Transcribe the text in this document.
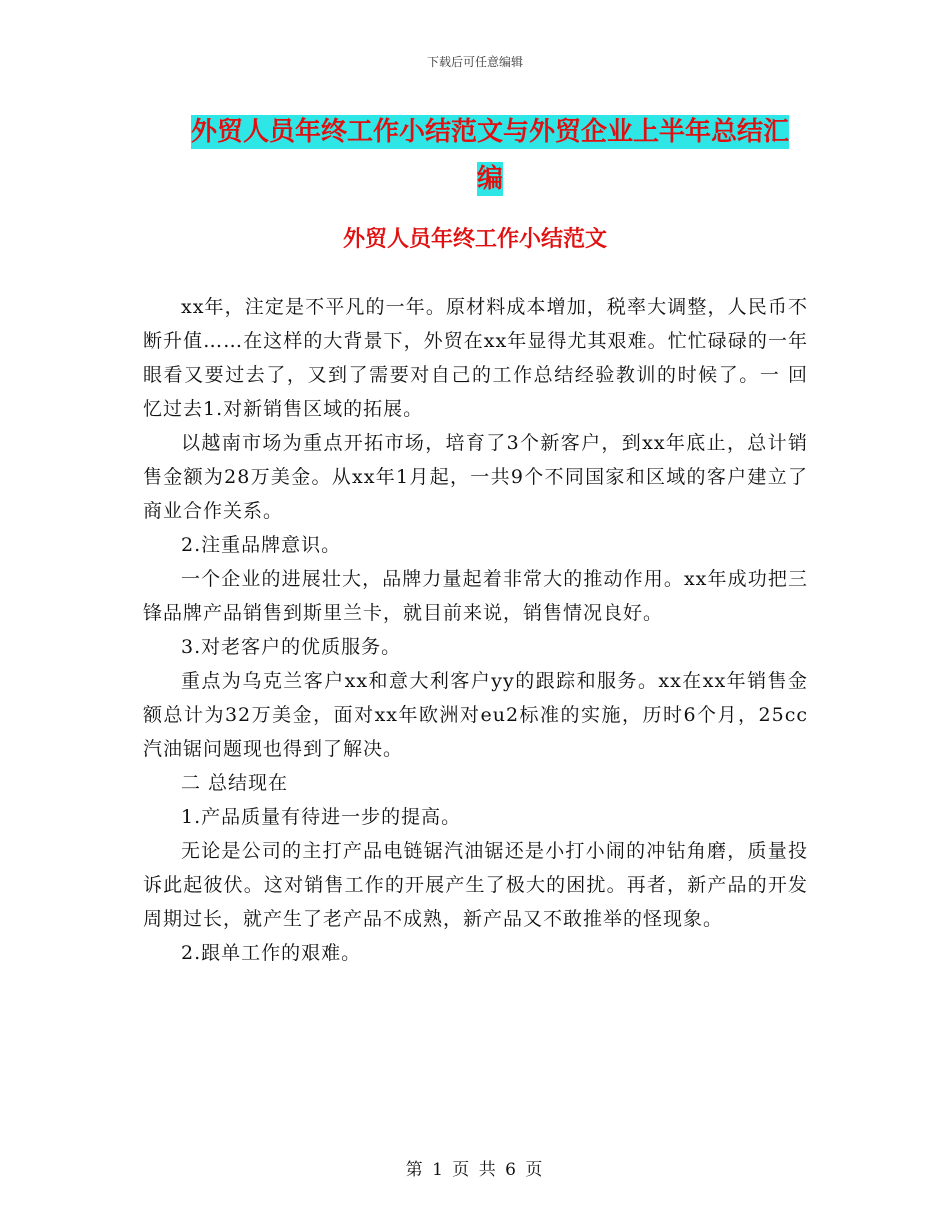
下载后可任意编辑
外贸人员年终工作小结范文与外贸企业上半年总结汇
编
外贸人员年终工作小结范文

xx年，注定是不平凡的一年。原材料成本增加，税率大调整，人民币不断升值……在这样的大背景下，外贸在xx年显得尤其艰难。忙忙碌碌的一年眼看又要过去了，又到了需要对自己的工作总结经验教训的时候了。一 回忆过去1.对新销售区域的拓展。

以越南市场为重点开拓市场，培育了3个新客户，到xx年底止，总计销售金额为28万美金。从xx年1月起，一共9个不同国家和区域的客户建立了商业合作关系。

2.注重品牌意识。

一个企业的进展壮大，品牌力量起着非常大的推动作用。xx年成功把三锋品牌产品销售到斯里兰卡，就目前来说，销售情况良好。

3.对老客户的优质服务。

重点为乌克兰客户xx和意大利客户yy的跟踪和服务。xx在xx年销售金额总计为32万美金，面对xx年欧洲对eu2标准的实施，历时6个月，25cc汽油锯问题现也得到了解决。

二 总结现在

1.产品质量有待进一步的提高。

无论是公司的主打产品电链锯汽油锯还是小打小闹的冲钻角磨，质量投诉此起彼伏。这对销售工作的开展产生了极大的困扰。再者，新产品的开发周期过长，就产生了老产品不成熟，新产品又不敢推举的怪现象。

2.跟单工作的艰难。

第 1 页 共 6 页
